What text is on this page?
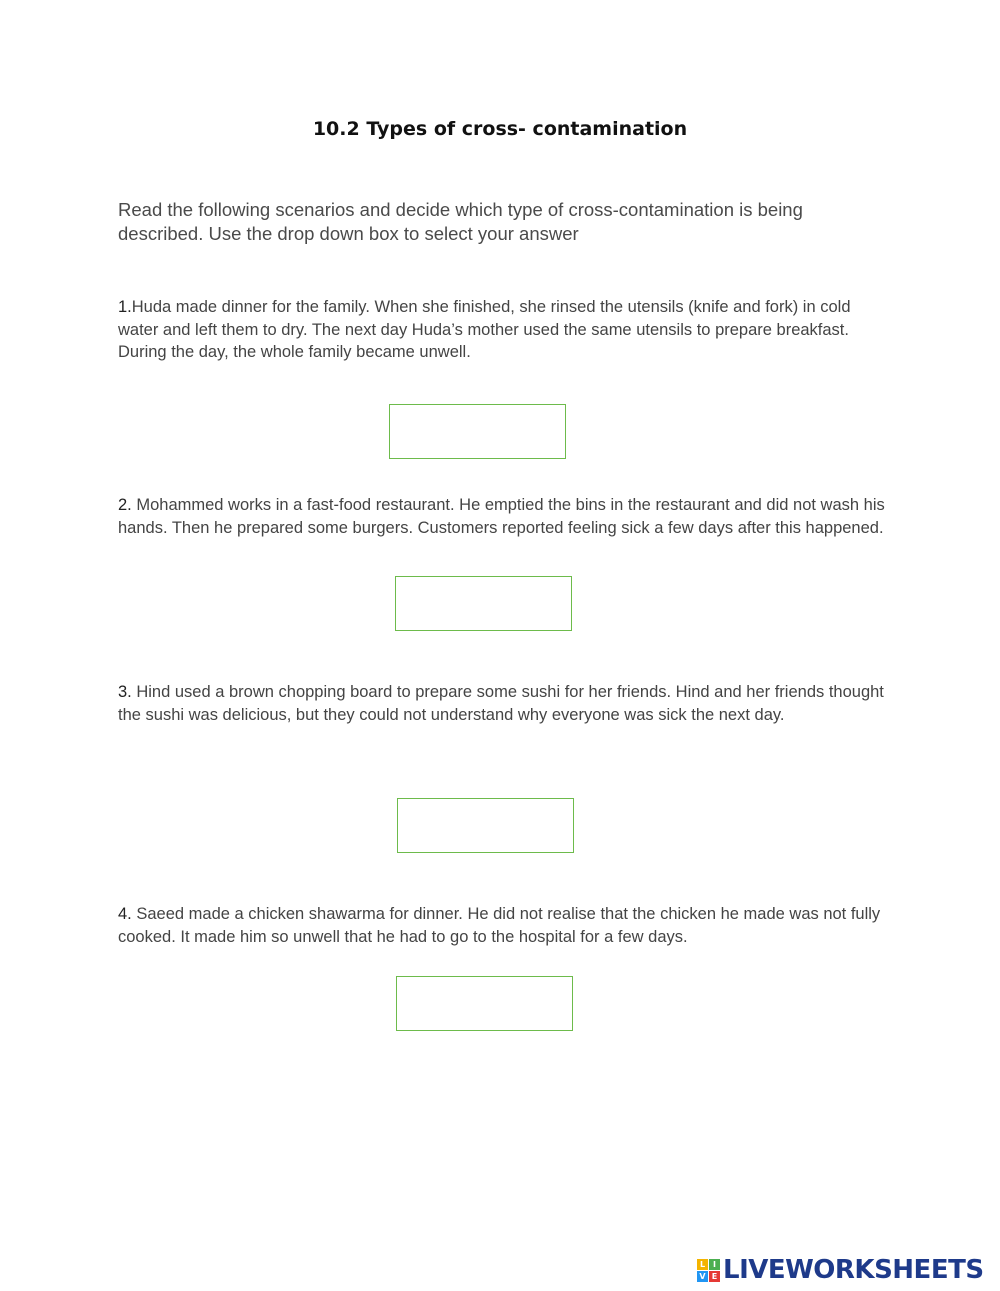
10.2 Types of cross- contamination
Read the following scenarios and decide which type of cross-contamination is being described. Use the drop down box to select your answer
1.Huda made dinner for the family. When she finished, she rinsed the utensils (knife and fork) in cold water and left them to dry. The next day Huda’s mother used the same utensils to prepare breakfast. During the day, the whole family became unwell.
2. Mohammed works in a fast-food restaurant. He emptied the bins in the restaurant and did not wash his hands. Then he prepared some burgers. Customers reported feeling sick a few days after this happened.
3. Hind used a brown chopping board to prepare some sushi for her friends. Hind and her friends thought the sushi was delicious, but they could not understand why everyone was sick the next day.
4. Saeed made a chicken shawarma for dinner. He did not realise that the chicken he made was not fully cooked. It made him so unwell that he had to go to the hospital for a few days.
L I
V E LIVEWORKSHEETS
